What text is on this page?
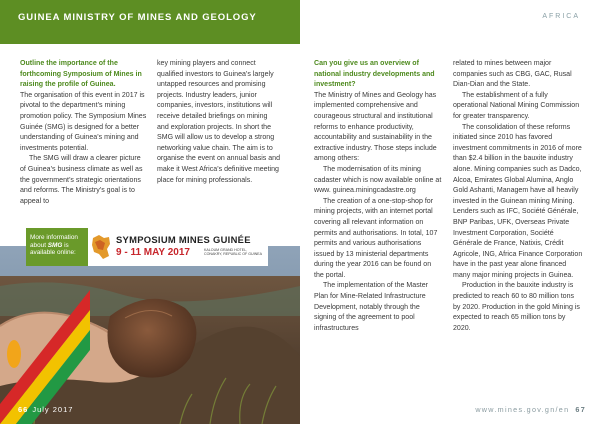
GUINEA MINISTRY OF MINES AND GEOLOGY

Outline the importance of the forthcoming Symposium of Mines in raising the profile of Guinea.

The organisation of this event in 2017 is pivotal to the department’s mining promotion policy. The Symposium Mines Guinée (SMG) is designed for a better understanding of Guinea’s mining and investments potential.

The SMG will draw a clearer picture of Guinea’s business climate as well as the government’s strategic orientations and reforms. The Ministry’s goal is to appeal to

key mining players and connect qualified investors to Guinea’s largely untapped resources and promising projects. Industry leaders, junior companies, investors, institutions will receive detailed briefings on mining and exploration projects. In short the SMG will allow us to develop a strong networking value chain. The aim is to organise the event on annual basis and make it West Africa’s definitive meeting place for mining professionals.

More information
about SMG is
available online:
SYMPOSIUM MINES GUINÉE
9 - 11 MAY 2017	KALOUM GRAND HOTEL, CONAKRY, REPUBLIC OF GUINEA
66 July 2017
AFRICA

Can you give us an overview of national industry developments and investment?

The Ministry of Mines and Geology has implemented comprehensive and courageous structural and institutional reforms to enhance productivity, accountability and sustainability in the extractive industry. Those steps include among others:

The modernisation of its mining cadaster which is now available online at www. guinea.miningcadastre.org

The creation of a one-stop-shop for mining projects, with an internet portal covering all relevant information on permits and authorisations. In total, 107 permits and various authorisations issued by 13 ministerial departments during the year 2016 can be found on the portal.

The implementation of the Master Plan for Mine-Related Infrastructure Development, notably through the signing of the agreement to pool infrastructures

related to mines between major companies such as CBG, GAC, Rusal Dian-Dian and the State.

The establishment of a fully operational National Mining Commission for greater transparency.

The consolidation of these reforms initiated since 2010 has favored investment commitments in 2016 of more than $2.4 billion in the bauxite industry alone. Mining companies such as Dadco, Alcoa, Emirates Global Alumina, Anglo Gold Ashanti, Managem have all heavily invested in the Guinean mining Mining. Lenders such as IFC, Société Générale, BNP Paribas, UFK, Overseas Private Investment Corporation, Société Générale de France, Natixis, Crédit Agricole, ING, Africa Finance Corporation have in the past year alone financed many major mining projects in Guinea.

Production in the bauxite industry is predicted to reach 60 to 80 million tons by 2020. Production in the gold Mining is expected to reach 65 million tons by 2020.

www.mines.gov.gn/en 67
